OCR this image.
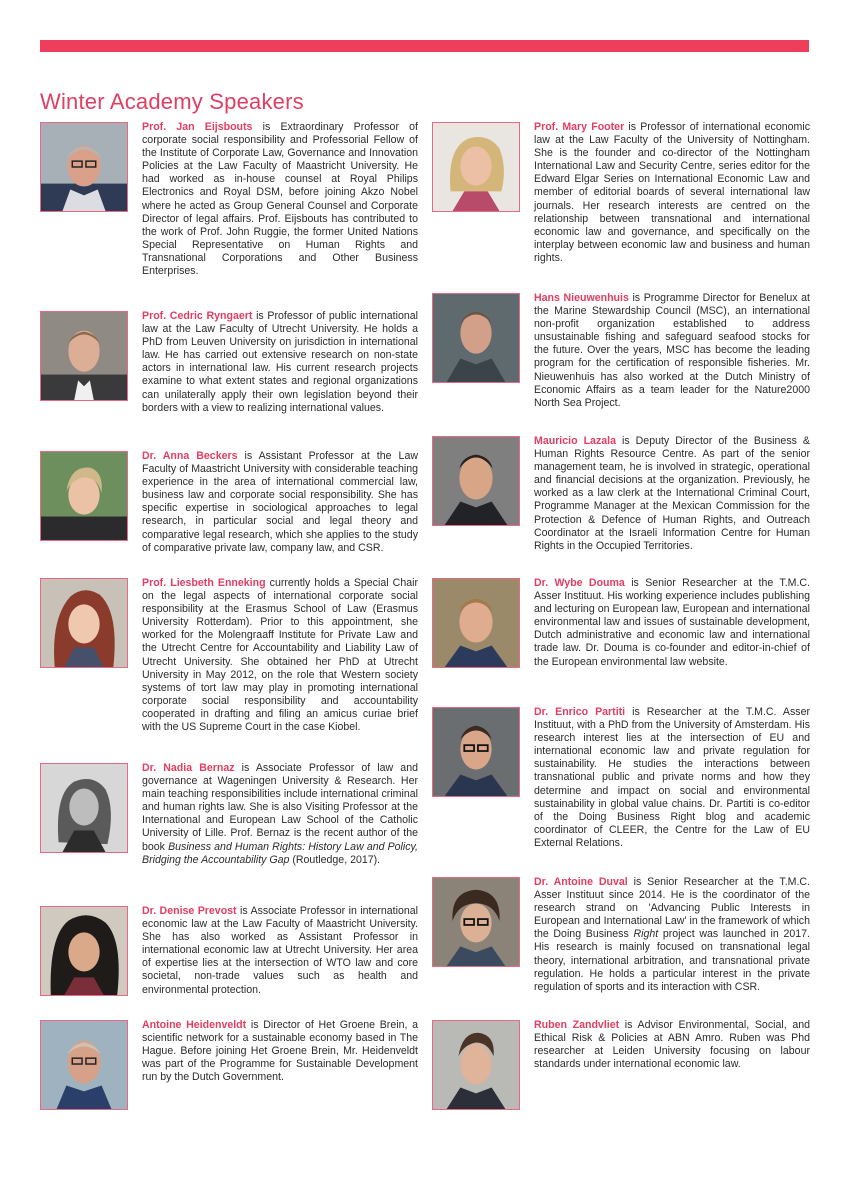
Winter Academy Speakers

Prof. Jan Eijsbouts is Extraordinary Professor of corporate social responsibility and Professorial Fellow of the Institute of Corporate Law, Governance and Innovation Policies at the Law Faculty of Maastricht University. He had worked as in-house counsel at Royal Philips Electronics and Royal DSM, before joining Akzo Nobel where he acted as Group General Counsel and Corporate Director of legal affairs. Prof. Eijsbouts has contributed to the work of Prof. John Ruggie, the former United Nations Special Representative on Human Rights and Transnational Corporations and Other Business Enterprises.

Prof. Cedric Ryngaert is Professor of public international law at the Law Faculty of Utrecht University. He holds a PhD from Leuven University on jurisdiction in international law. He has carried out extensive research on non-state actors in international law. His current research projects examine to what extent states and regional organizations can unilaterally apply their own legislation beyond their borders with a view to realizing international values.

Dr. Anna Beckers is Assistant Professor at the Law Faculty of Maastricht University with considerable teaching experience in the area of international commercial law, business law and corporate social responsibility. She has specific expertise in sociological approaches to legal research, in particular social and legal theory and comparative legal research, which she applies to the study of comparative private law, company law, and CSR.

Prof. Liesbeth Enneking currently holds a Special Chair on the legal aspects of international corporate social responsibility at the Erasmus School of Law (Erasmus University Rotterdam). Prior to this appointment, she worked for the Molengraaff Institute for Private Law and the Utrecht Centre for Accountability and Liability Law of Utrecht University. She obtained her PhD at Utrecht University in May 2012, on the role that Western society systems of tort law may play in promoting international corporate social responsibility and accountability cooperated in drafting and filing an amicus curiae brief with the US Supreme Court in the case Kiobel.

Dr. Nadia Bernaz is Associate Professor of law and governance at Wageningen University & Research. Her main teaching responsibilities include international criminal and human rights law. She is also Visiting Professor at the International and European Law School of the Catholic University of Lille. Prof. Bernaz is the recent author of the book Business and Human Rights: History Law and Policy, Bridging the Accountability Gap (Routledge, 2017).

Dr. Denise Prevost is Associate Professor in international economic law at the Law Faculty of Maastricht University. She has also worked as Assistant Professor in international economic law at Utrecht University. Her area of expertise lies at the intersection of WTO law and core societal, non-trade values such as health and environmental protection.

Antoine Heidenveldt is Director of Het Groene Brein, a scientific network for a sustainable economy based in The Hague. Before joining Het Groene Brein, Mr. Heidenveldt was part of the Programme for Sustainable Development run by the Dutch Government.

Prof. Mary Footer is Professor of international economic law at the Law Faculty of the University of Nottingham. She is the founder and co-director of the Nottingham International Law and Security Centre, series editor for the Edward Elgar Series on International Economic Law and member of editorial boards of several international law journals. Her research interests are centred on the relationship between transnational and international economic law and governance, and specifically on the interplay between economic law and business and human rights.

Hans Nieuwenhuis is Programme Director for Benelux at the Marine Stewardship Council (MSC), an international non-profit organization established to address unsustainable fishing and safeguard seafood stocks for the future. Over the years, MSC has become the leading program for the certification of responsible fisheries. Mr. Nieuwenhuis has also worked at the Dutch Ministry of Economic Affairs as a team leader for the Nature2000 North Sea Project.

Mauricio Lazala is Deputy Director of the Business & Human Rights Resource Centre. As part of the senior management team, he is involved in strategic, operational and financial decisions at the organization. Previously, he worked as a law clerk at the International Criminal Court, Programme Manager at the Mexican Commission for the Protection & Defence of Human Rights, and Outreach Coordinator at the Israeli Information Centre for Human Rights in the Occupied Territories.

Dr. Wybe Douma is Senior Researcher at the T.M.C. Asser Instituut. His working experience includes publishing and lecturing on European law, European and international environmental law and issues of sustainable development, Dutch administrative and economic law and international trade law. Dr. Douma is co-founder and editor-in-chief of the European environmental law website.

Dr. Enrico Partiti is Researcher at the T.M.C. Asser Instituut, with a PhD from the University of Amsterdam. His research interest lies at the intersection of EU and international economic law and private regulation for sustainability. He studies the interactions between transnational public and private norms and how they determine and impact on social and environmental sustainability in global value chains. Dr. Partiti is co-editor of the Doing Business Right blog and academic coordinator of CLEER, the Centre for the Law of EU External Relations.

Dr. Antoine Duval is Senior Researcher at the T.M.C. Asser Instituut since 2014. He is the coordinator of the research strand on 'Advancing Public Interests in European and International Law' in the framework of which the Doing Business Right project was launched in 2017. His research is mainly focused on transnational legal theory, international arbitration, and transnational private regulation. He holds a particular interest in the private regulation of sports and its interaction with CSR.

Ruben Zandvliet is Advisor Environmental, Social, and Ethical Risk & Policies at ABN Amro. Ruben was Phd researcher at Leiden University focusing on labour standards under international economic law.
